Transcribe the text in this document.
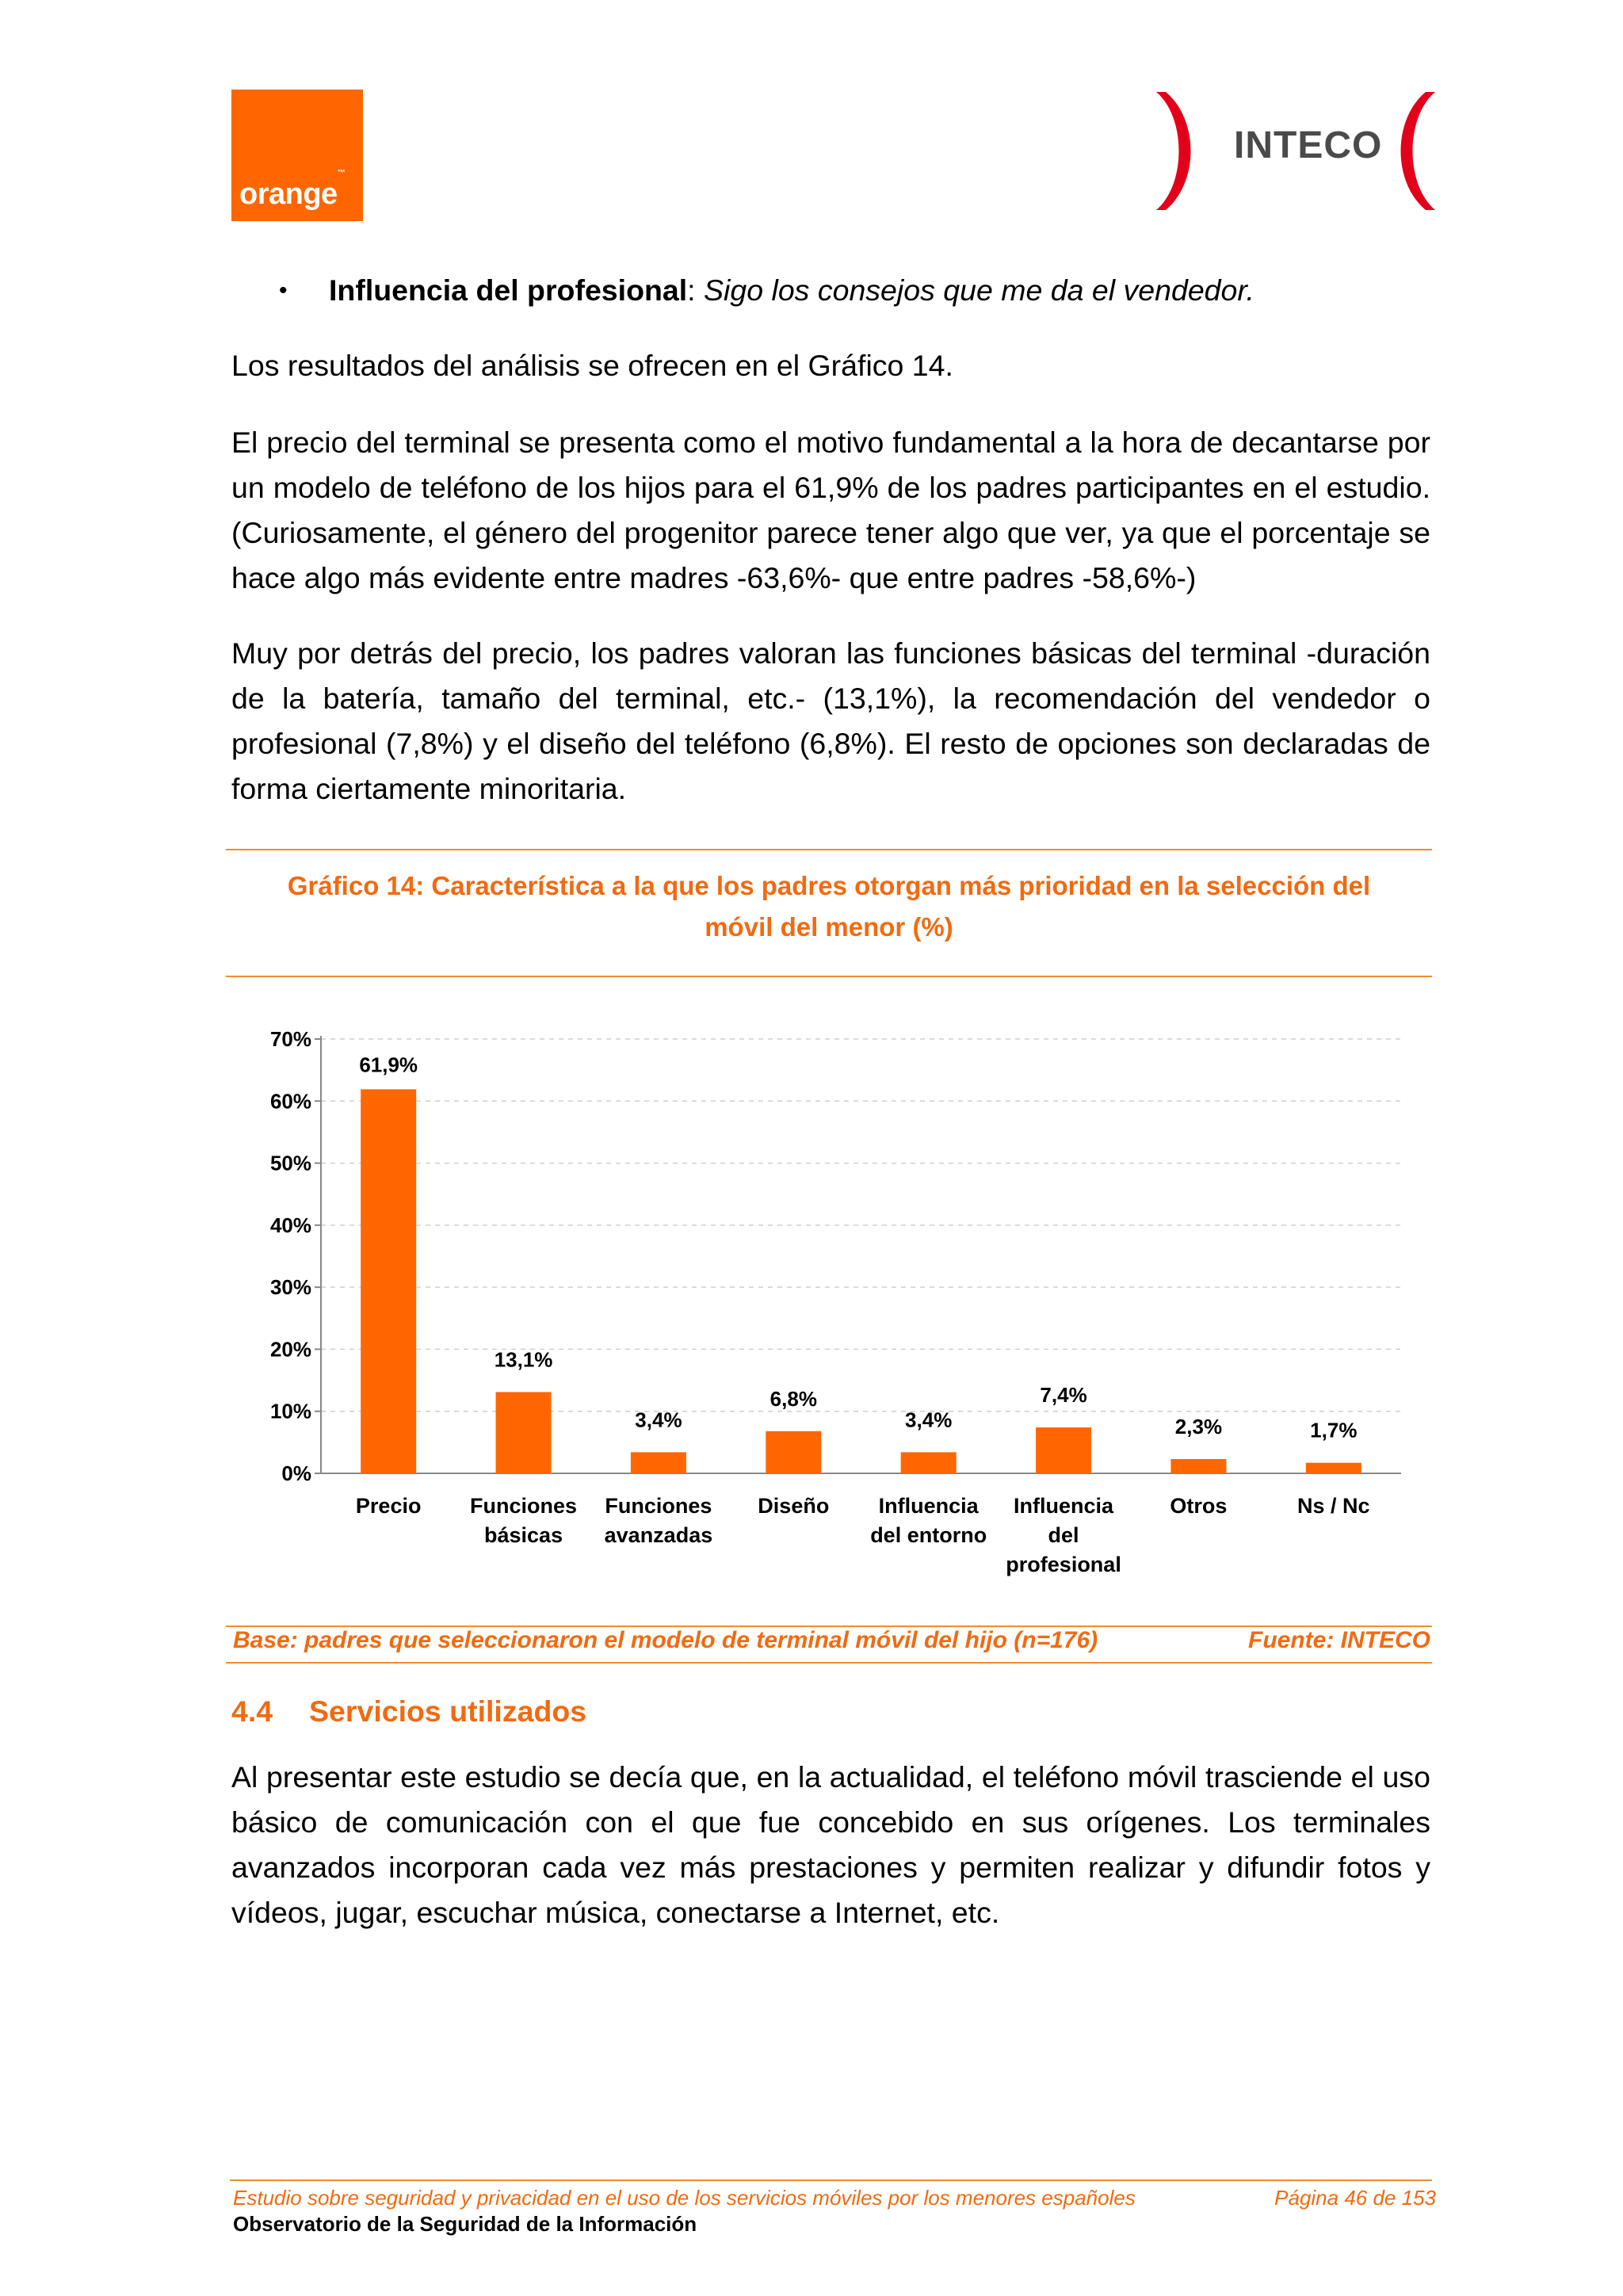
orange™
INTECO
• Influencia del profesional: Sigo los consejos que me da el vendedor.
Los resultados del análisis se ofrecen en el Gráfico 14.
El precio del terminal se presenta como el motivo fundamental a la hora de decantarse por un modelo de teléfono de los hijos para el 61,9% de los padres participantes en el estudio. (Curiosamente, el género del progenitor parece tener algo que ver, ya que el porcentaje se hace algo más evidente entre madres -63,6%- que entre padres -58,6%-)
Muy por detrás del precio, los padres valoran las funciones básicas del terminal -duración de la batería, tamaño del terminal, etc.- (13,1%), la recomendación del vendedor o profesional (7,8%) y el diseño del teléfono (6,8%). El resto de opciones son declaradas de forma ciertamente minoritaria.
Gráfico 14: Característica a la que los padres otorgan más prioridad en la selección del
móvil del menor (%)
0%
10%
20%
30%
40%
50%
60%
70%
61,9%
Precio
13,1%
Funciones
básicas
3,4%
Funciones
avanzadas
6,8%
Diseño
3,4%
Influencia
del entorno
7,4%
Influencia
del
profesional
2,3%
Otros
1,7%
Ns / Nc
Base: padres que seleccionaron el modelo de terminal móvil del hijo (n=176)	Fuente: INTECO
4.4 Servicios utilizados
Al presentar este estudio se decía que, en la actualidad, el teléfono móvil trasciende el uso básico de comunicación con el que fue concebido en sus orígenes. Los terminales avanzados incorporan cada vez más prestaciones y permiten realizar y difundir fotos y vídeos, jugar, escuchar música, conectarse a Internet, etc.
Estudio sobre seguridad y privacidad en el uso de los servicios móviles por los menores españoles	Página 46 de 153
Observatorio de la Seguridad de la Información
